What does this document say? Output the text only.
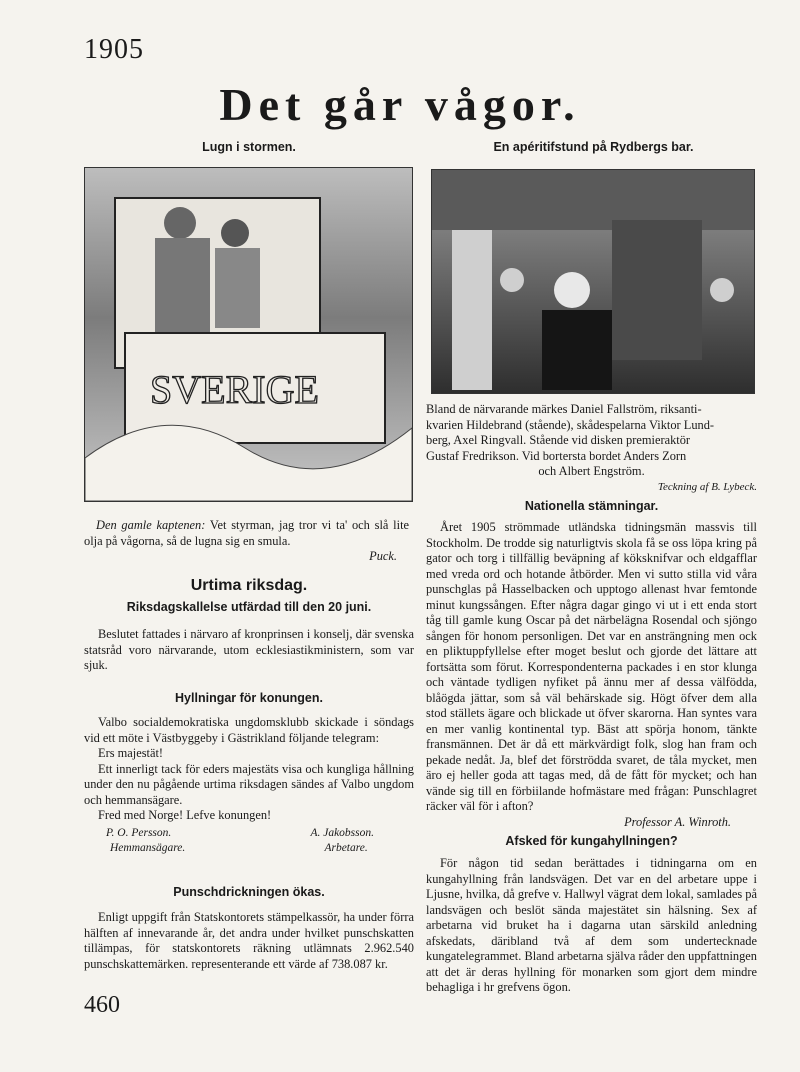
1905
Det går vågor.
Lugn i stormen.
SVERIGE

Den gamle kaptenen: Vet styrman, jag tror vi ta' och slå lite olja på vågorna, så de lugna sig en smula.

Puck.
Urtima riksdag.
Riksdagskallelse utfärdad till den 20 juni.

Beslutet fattades i närvaro af kronprinsen i konselj, där svenska statsråd voro närvarande, utom ecklesiastikministern, som var sjuk.

Hyllningar för konungen.

Valbo socialdemokratiska ungdomsklubb skickade i söndags vid ett möte i Västbyggeby i Gästrikland följande telegram:

Ers majestät!

Ett innerligt tack för eders majestäts visa och kungliga hållning under den nu pågående urtima riksdagen sändes af Valbo ungdom och hemmansägare.

Fred med Norge! Lefve konungen!

P. O. Persson.
Hemmansägare.
A. Jakobsson.
Arbetare.
Punschdrickningen ökas.

Enligt uppgift från Statskontorets stämpelkassör, ha under förra hälften af innevarande år, det andra under hvilket punschskatten tillämpas, för statskontorets räkning utlämnats 2.962.540 punschskattemärken. representerande ett värde af 738.087 kr.

460
En apéritifstund på Rydbergs bar.
Bland de närvarande märkes Daniel Fallström, riksanti-
kvarien Hildebrand (stående), skådespelarna Viktor Lund-
berg, Axel Ringvall. Stående vid disken premieraktör
Gustaf Fredrikson. Vid bortersta bordet Anders Zorn
och Albert Engström.
Teckning af B. Lybeck.
Nationella stämningar.

Året 1905 strömmade utländska tidningsmän massvis till Stockholm. De trodde sig naturligtvis skola få se oss löpa kring på gator och torg i tillfällig beväpning af köksknifvar och eldgafflar med vreda ord och hotande åtbörder. Men vi sutto stilla vid våra punschglas på Hasselbacken och upptogo allenast hvar femtonde minut kungssången. Efter några dagar gingo vi ut i ett enda stort tåg till gamle kung Oscar på det närbelägna Rosendal och sjöngo sången för honom personligen. Det var en ansträngning men ock en pliktuppfyllelse efter moget beslut och gjorde det lättare att fortsätta som förut. Korrespondenterna packades i en stor klunga och väntade tydligen nyfiket på ännu mer af dessa välfödda, blåögda jättar, som så väl behärskade sig. Högt öfver dem alla stod ställets ägare och blickade ut öfver skarorna. Han syntes vara en mer vanlig kontinental typ. Bäst att spörja honom, tänkte fransmännen. Det är då ett märkvärdigt folk, slog han fram och pekade nedåt. Ja, blef det förströdda svaret, de tåla mycket, men äro ej heller goda att tagas med, då de fått för mycket; och han vände sig till en förbiilande hofmästare med frågan: Punschlagret räcker väl för i afton?

Professor A. Winroth.
Afsked för kungahyllningen?

För någon tid sedan berättades i tidningarna om en kungahyllning från landsvägen. Det var en del arbetare uppe i Ljusne, hvilka, då grefve v. Hallwyl vägrat dem lokal, samlades på landsvägen och beslöt sända majestätet sin hälsning. Sex af arbetarna vid bruket ha i dagarna utan särskild anledning afskedats, däribland två af dem som undertecknade kungatelegrammet. Bland arbetarna själva råder den uppfattningen att det är deras hyllning för monarken som gjort dem mindre behagliga i hr grefvens ögon.
